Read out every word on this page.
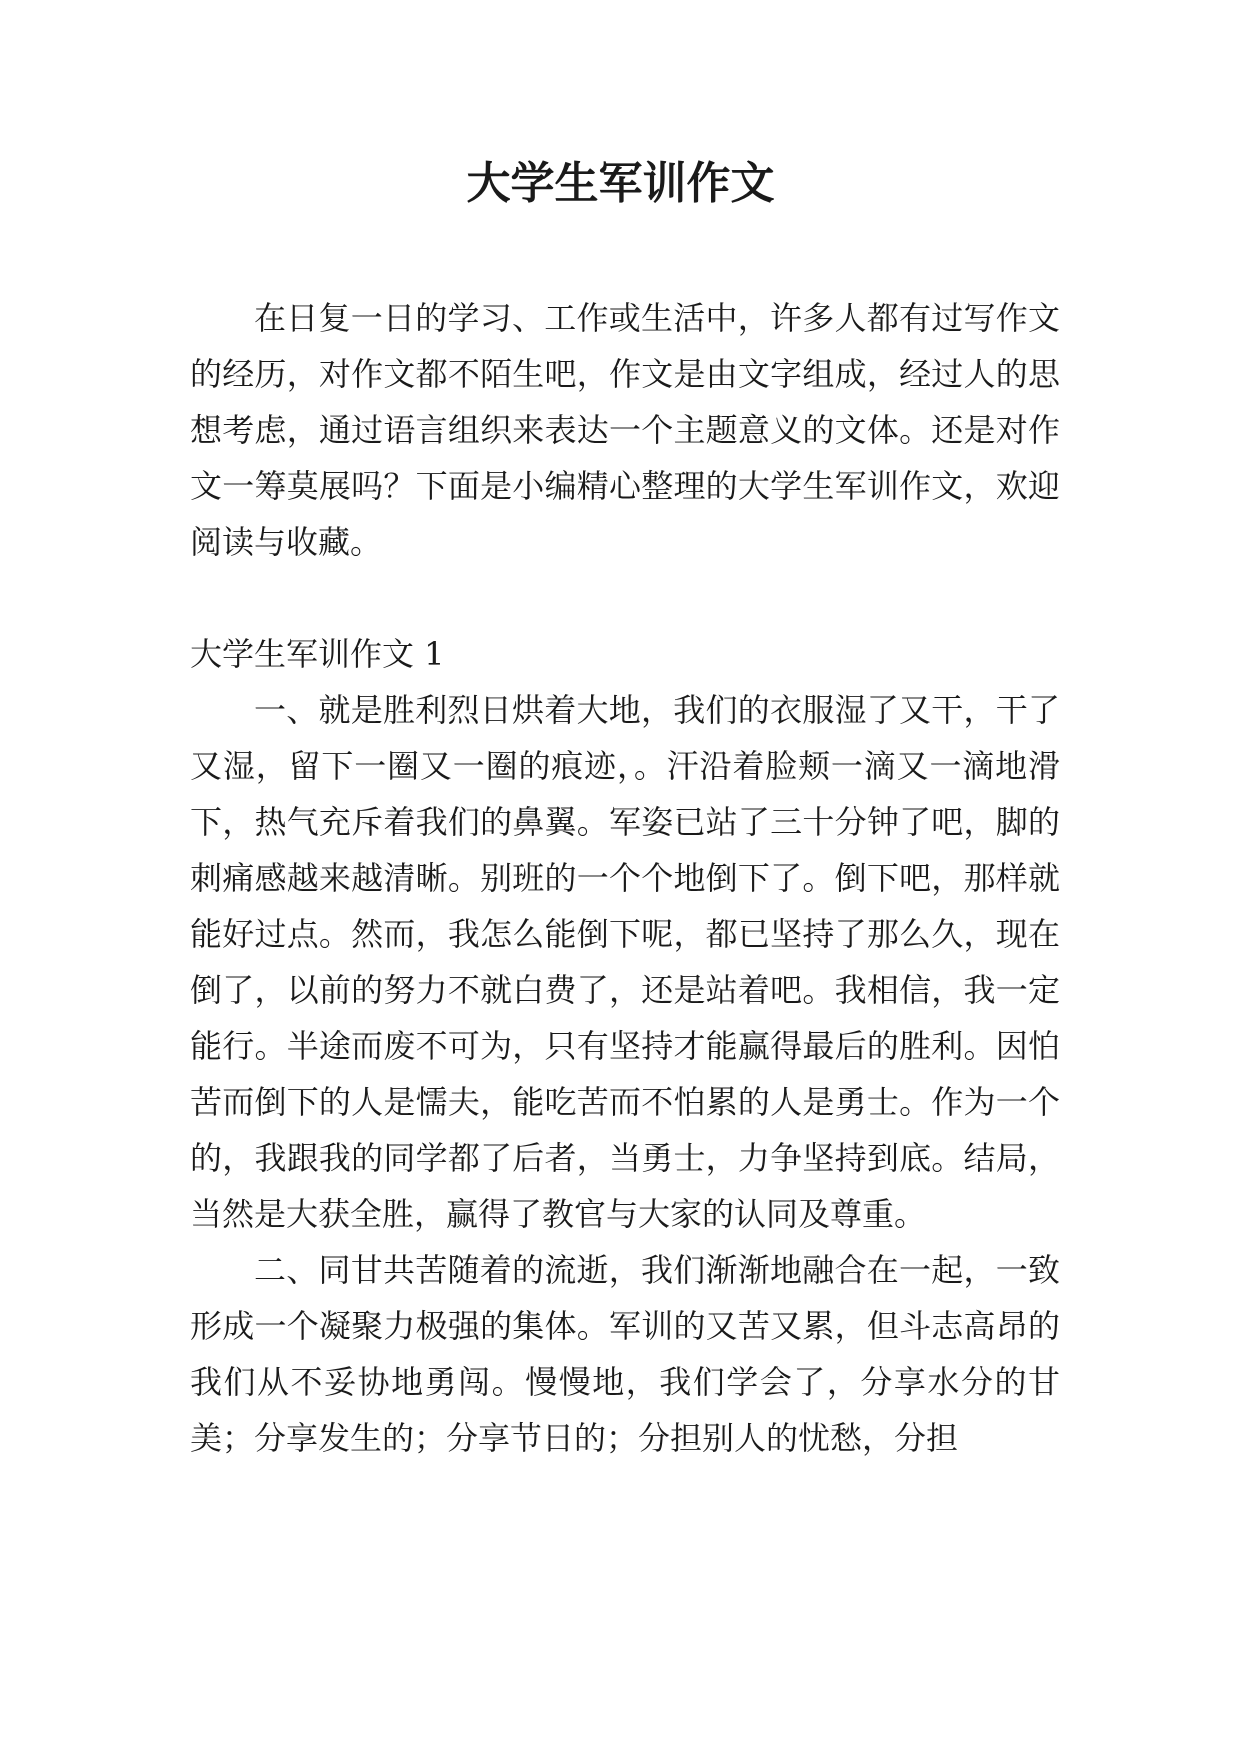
大学生军训作文

在日复一日的学习、工作或生活中，许多人都有过写作文的经历，对作文都不陌生吧，作文是由文字组成，经过人的思想考虑，通过语言组织来表达一个主题意义的文体。还是对作文一筹莫展吗？下面是小编精心整理的大学生军训作文，欢迎阅读与收藏。

大学生军训作文 1

一、就是胜利烈日烘着大地，我们的衣服湿了又干，干了又湿，留下一圈又一圈的痕迹，。汗沿着脸颊一滴又一滴地滑下，热气充斥着我们的鼻翼。军姿已站了三十分钟了吧，脚的刺痛感越来越清晰。别班的一个个地倒下了。倒下吧，那样就能好过点。然而，我怎么能倒下呢，都已坚持了那么久，现在倒了，以前的努力不就白费了，还是站着吧。我相信，我一定能行。半途而废不可为，只有坚持才能赢得最后的胜利。因怕苦而倒下的人是懦夫，能吃苦而不怕累的人是勇士。作为一个的，我跟我的同学都了后者，当勇士，力争坚持到底。结局，当然是大获全胜，赢得了教官与大家的认同及尊重。

二、同甘共苦随着的流逝，我们渐渐地融合在一起，一致形成一个凝聚力极强的集体。军训的又苦又累，但斗志高昂的我们从不妥协地勇闯。慢慢地，我们学会了，分享水分的甘美；分享发生的；分享节日的；分担别人的忧愁，分担
